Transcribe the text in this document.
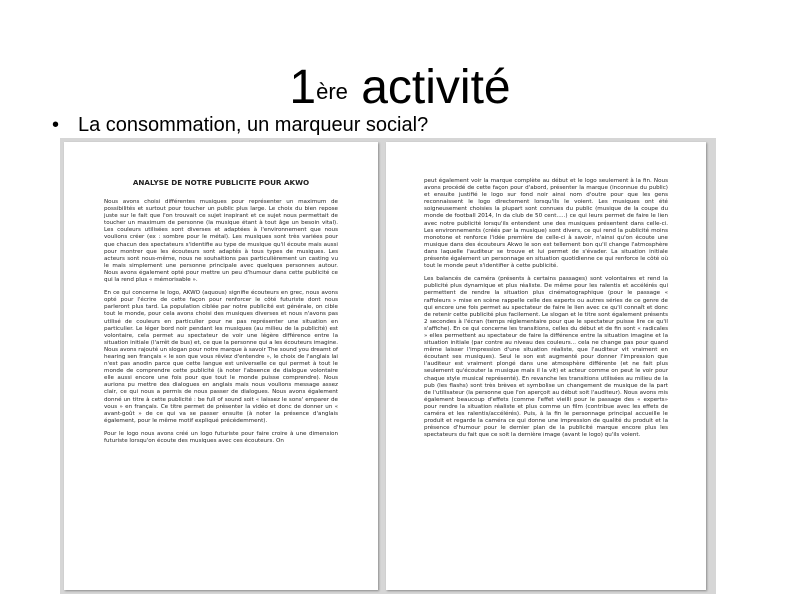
1ère activité
• La consommation, un marqueur social?
ANALYSE DE NOTRE PUBLICITE POUR AKWO

Nous avons choisi différentes musiques pour représenter un maximum de possibilités et surtout pour toucher un public plus large. Le choix du bien repose juste sur le fait que l'on trouvait ce sujet inspirant et ce sujet nous permettait de toucher un maximum de personne (la musique étant à tout âge un besoin vital). Les couleurs utilisées sont diverses et adaptées à l'environnement que nous voulions créer (ex : sombre pour le métal). Les musiques sont très variées pour que chacun des spectateurs s'identifie au type de musique qu'il écoute mais aussi pour montrer que les écouteurs sont adaptés à tous types de musiques. Les acteurs sont nous-même, nous ne souhaitions pas particulièrement un casting vu le mais simplement une personne principale avec quelques personnes autour. Nous avons également opté pour mettre un peu d'humour dans cette publicité ce qui la rend plus « mémorisable ».

En ce qui concerne le logo, AKWO (aquous) signifie écouteurs en grec, nous avons opté pour l'écrire de cette façon pour renforcer le côté futuriste dont nous parleront plus tard. La population ciblée par notre publicité est générale, on cible tout le monde, pour cela avons choisi des musiques diverses et nous n'avons pas utilisé de couleurs en particulier pour ne pas représenter une situation en particulier. Le léger bord noir pendant les musiques (au milieu de la publicité) est volontaire, cela permet au spectateur de voir une légère différence entre la situation initiale (l'arrêt de bus) et, ce que la personne qui a les écouteurs imagine. Nous avons rajouté un slogan pour notre marque à savoir The sound you dreamt of hearing sen français « le son que vous rêviez d'entendre », le choix de l'anglais lai n'est pas anodin parce que cette langue est universelle ce qui permet à tout le monde de comprendre cette publicité (à noter l'absence de dialogue volontaire elle aussi encore une fois pour que tout le monde puisse comprendre). Nous aurions pu mettre des dialogues en anglais mais nous voulions message assez clair, ce qui nous a permis de nous passer de dialogues. Nous avons également donné un titre à cette publicité : be full of sound soit « laissez le sons' emparer de vous » en français. Ce titre permet de présenter la vidéo et donc de donner un « avant-goût » de ce qui va se passer ensuite (à noter la présence d'anglais également, pour le même motif expliqué précédemment).

Pour le logo nous avons créé un logo futuriste pour faire croire à une dimension futuriste lorsqu'on écoute des musiques avec ces écouteurs. On

peut également voir la marque complète au début et le logo seulement à la fin. Nous avons procédé de cette façon pour d'abord, présenter la marque (inconnue du public) et ensuite justifié le logo sur fond noir ainsi nom d'outre pour que les gens reconnaissent le logo directement lorsqu'ils le voient. Les musiques ont été soigneusement choisies la plupart sont connues du public (musique de la coupe du monde de football 2014, In da club de 50 cent.....) ce qui leurs permet de faire le lien avec notre publicité lorsqu'ils entendent une des musiques présentent dans celle-ci. Les environnements (créés par la musique) sont divers, ce qui rend la publicité moins monotone et renforce l'idée première de celle-ci à savoir, n'ainsi qu'on écoute une musique dans des écouteurs Akwo le son est tellement bon qu'il change l'atmosphère dans laquelle l'auditeur se trouve et lui permet de s'évader. La situation initiale présente également un personnage en situation quotidienne ce qui renforce le côté où tout le monde peut s'identifier à cette publicité.

Les balancés de caméra (présents à certains passages) sont volontaires et rend la publicité plus dynamique et plus réaliste. De même pour les ralentis et accélérés qui permettent de rendre la situation plus cinématographique (pour le passage « raffoleurs » mise en scène rappelle celle des experts ou autres séries de ce genre de qui encore une fois permet au spectateur de faire le lien avec ce qu'il connaît et donc de retenir cette publicité plus facilement. Le slogan et le titre sont également présents 2 secondes à l'écran (temps réglementaire pour que le spectateur puisse lire ce qu'il s'affiche). En ce qui concerne les transitions, celles du début et de fin sont « radicales » elles permettent au spectateur de faire la différence entre la situation imagine et la situation initiale (par contre au niveau des couleurs... cela ne change pas pour quand même laisser l'impression d'une situation réaliste, que l'auditeur vit vraiment en écoutant ses musiques). Seul le son est augmenté pour donner l'impression que l'auditeur est vraiment plongé dans une atmosphère différente (et ne fait plus seulement qu'écouter la musique mais il la vit) et acteur comme on peut le voir pour chaque style musical représenté). En revanche les transitions utilisées au milieu de la pub (les flashs) sont très brèves et symbolise un changement de musique de la part de l'utilisateur (la personne que l'on aperçoit au début soit l'auditeur). Nous avons mis également beaucoup d'effets (comme l'effet vieilli pour le passage des « experts» pour rendre la situation réaliste et plus comme un film (contribue avec les effets de caméra et les ralentis/accélérés). Puis, à la fin le personnage principal accueille le produit et regarde la caméra ce qui donne une impression de qualité du produit et la présence d'humour pour le dernier plan de la publicité marque encore plus les spectateurs du fait que ce soit la dernière image (avant le logo) qu'ils voient.
